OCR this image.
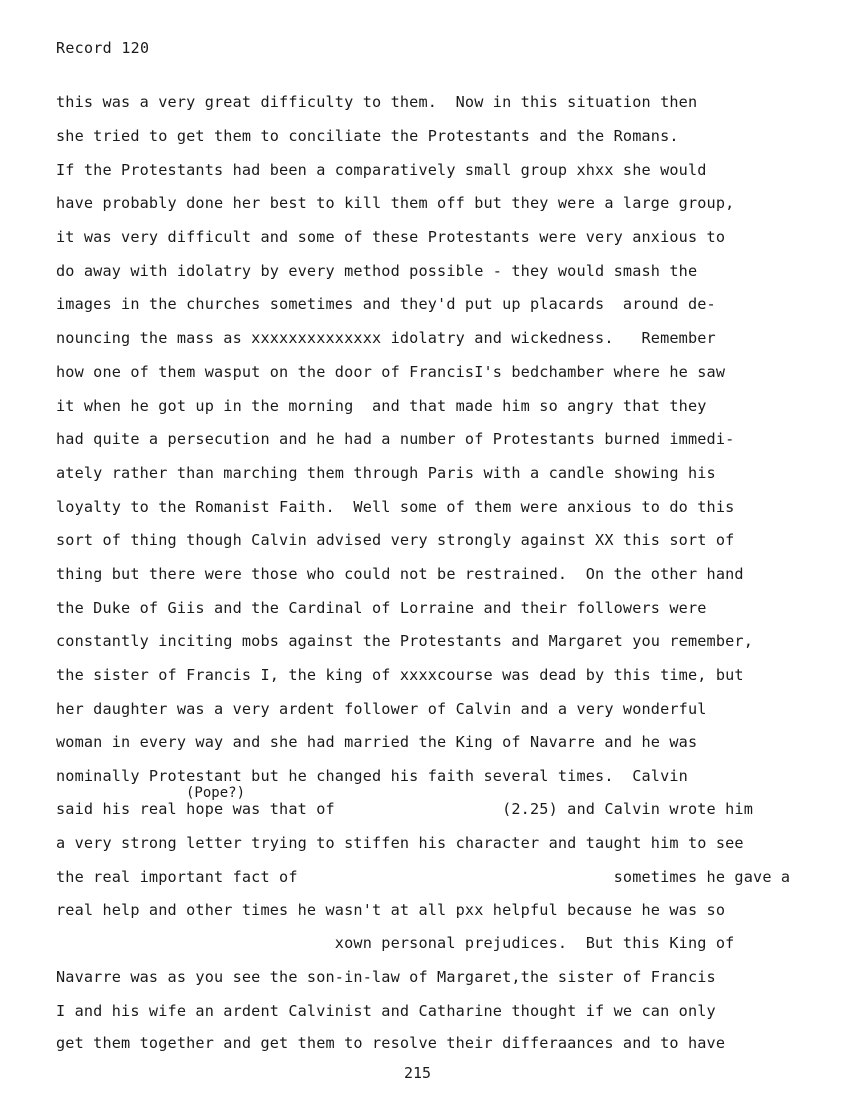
Record 120
this was a very great difficulty to them.  Now in this situation then
she tried to get them to conciliate the Protestants and the Romans.
If the Protestants had been a comparatively small group xhxx she would
have probably done her best to kill them off but they were a large group,
it was very difficult and some of these Protestants were very anxious to
do away with idolatry by every method possible - they would smash the
images in the churches sometimes and they'd put up placards  around de-
nouncing the mass as xxxxxxxxxxxxxx idolatry and wickedness.   Remember
how one of them wasput on the door of FrancisI's bedchamber where he saw
it when he got up in the morning  and that made him so angry that they
had quite a persecution and he had a number of Protestants burned immedi-
ately rather than marching them through Paris with a candle showing his
loyalty to the Romanist Faith.  Well some of them were anxious to do this
sort of thing though Calvin advised very strongly against XX this sort of
thing but there were those who could not be restrained.  On the other hand
the Duke of Giis and the Cardinal of Lorraine and their followers were
constantly inciting mobs against the Protestants and Margaret you remember,
the sister of Francis I, the king of xxxxcourse was dead by this time, but
her daughter was a very ardent follower of Calvin and a very wonderful
woman in every way and she had married the King of Navarre and he was
nominally Protestant but he changed his faith several times.  Calvin
(Pope?)
said his real hope was that of                  (2.25) and Calvin wrote him
a very strong letter trying to stiffen his character and taught him to see
the real important fact of                                  sometimes he gave a
real help and other times he wasn't at all pxx helpful because he was so
xown personal prejudices.  But this King of
Navarre was as you see the son-in-law of Margaret,the sister of Francis
I and his wife an ardent Calvinist and Catharine thought if we can only
get them together and get them to resolve their differaances and to have
215
